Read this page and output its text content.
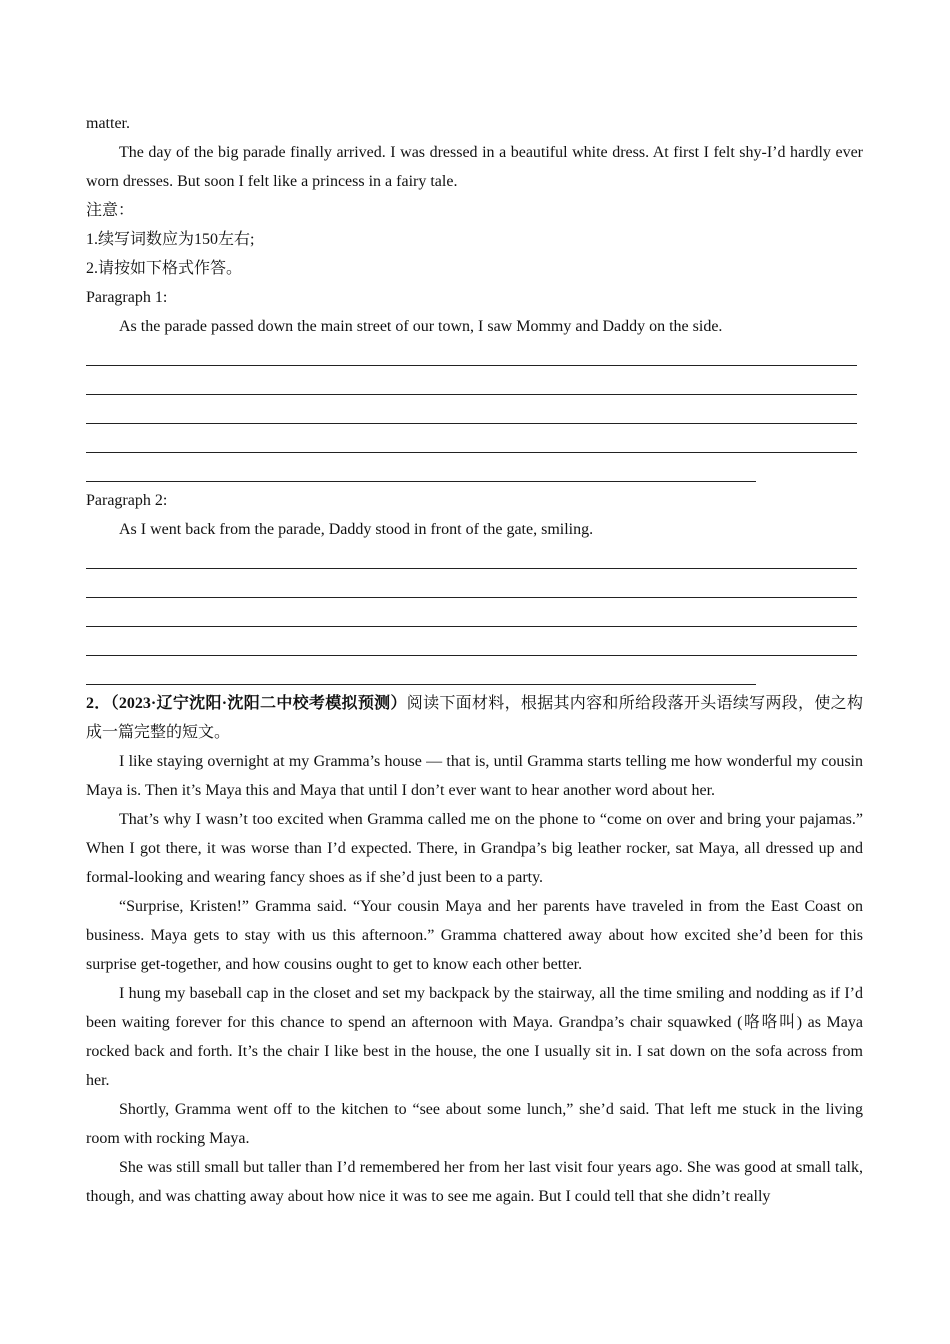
matter.

The day of the big parade finally arrived. I was dressed in a beautiful white dress. At first I felt shy-I’d hardly ever worn dresses. But soon I felt like a princess in a fairy tale.

注意：

1.续写词数应为150左右;

2.请按如下格式作答。

Paragraph 1:

As the parade passed down the main street of our town, I saw Mommy and Daddy on the side.

Paragraph 2:

As I went back from the parade, Daddy stood in front of the gate, smiling.

2．（2023·辽宁沈阳·沈阳二中校考模拟预测）阅读下面材料，根据其内容和所给段落开头语续写两段，使之构成一篇完整的短文。

I like staying overnight at my Gramma’s house — that is, until Gramma starts telling me how wonderful my cousin Maya is. Then it’s Maya this and Maya that until I don’t ever want to hear another word about her.

That’s why I wasn’t too excited when Gramma called me on the phone to “come on over and bring your pajamas.” When I got there, it was worse than I’d expected. There, in Grandpa’s big leather rocker, sat Maya, all dressed up and formal-looking and wearing fancy shoes as if she’d just been to a party.

“Surprise, Kristen!” Gramma said. “Your cousin Maya and her parents have traveled in from the East Coast on business. Maya gets to stay with us this afternoon.” Gramma chattered away about how excited she’d been for this surprise get-together, and how cousins ought to get to know each other better.

I hung my baseball cap in the closet and set my backpack by the stairway, all the time smiling and nodding as if I’d been waiting forever for this chance to spend an afternoon with Maya. Grandpa’s chair squawked (咯咯叫) as Maya rocked back and forth. It’s the chair I like best in the house, the one I usually sit in. I sat down on the sofa across from her.

Shortly, Gramma went off to the kitchen to “see about some lunch,” she’d said. That left me stuck in the living room with rocking Maya.

She was still small but taller than I’d remembered her from her last visit four years ago. She was good at small talk, though, and was chatting away about how nice it was to see me again. But I could tell that she didn’t really
